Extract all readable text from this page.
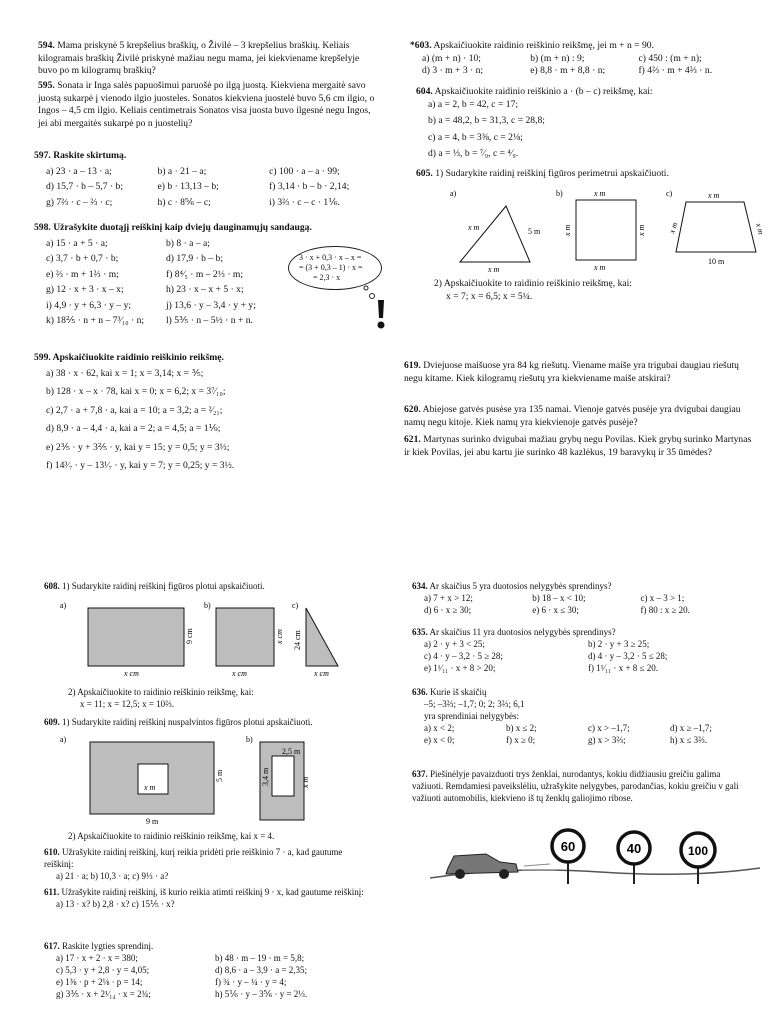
594. Mama priskynė 5 krepšelius braškių, o Živilė – 3 krepšelius braškių. Keliais kilogramais braškių Živilė priskynė mažiau negu mama, jei kiekviename krepšelyje buvo po m kilogramų braškių?
595. Sonata ir Inga salės papuošimui paruošė po ilgą juostą. Kiekviena mergaitė savo juostą sukarpė į vienodo ilgio juosteles. Sonatos kiekviena juostelė buvo 5,6 cm ilgio, o Ingos – 4,5 cm ilgio. Keliais centimetrais Sonatos visa juosta buvo ilgesnė negu Ingos, jei abi mergaitės sukarpė po n juostelių?
597. Raskite skirtumą.
a) 23 · a – 13 · a;	b) a · 21 – a;	c) 100 · a – a · 99;
d) 15,7 · b – 5,7 · b;	e) b · 13,13 – b;	f) 3,14 · b – b · 2,14;
g) 7⅔ · c – ⅔ · c;	h) c · 8⅚ – c;	i) 3⅔ · c – c · 1⅙.
598. Užrašykite duotąjį reiškinį kaip dviejų dauginamųjų sandaugą.
a) 15 · a + 5 · a;	b) 8 · a – a;
c) 3,7 · b + 0,7 · b;	d) 17,9 · b – b;
e) ⅔ · m + 1⅔ · m;	f) 8⁴⁄₅ · m – 2⅓ · m;
g) 12 · x + 3 · x – x;	h) 23 · x – x + 5 · x;
i) 4,9 · y + 6,3 · y – y;	j) 13,6 · y – 3,4 · y + y;
k) 18⅖ · n + n – 7³⁄₁₀ · n;	l) 5⅗ · n – 5½ · n + n.
3 · x + 0,3 · x – x =
= (3 + 0,3 – 1) · x =
= 2,3 · x
599. Apskaičiuokite raidinio reiškinio reikšmę.
a) 38 · x · 62, kai x = 1; x = 3,14; x = ⅗;
b) 128 · x – x · 78, kai x = 0; x = 6,2; x = 3⁷⁄₁₀;
c) 2,7 · a + 7,8 · a, kai a = 10; a = 3,2; a = ²⁄₂₁;
d) 8,9 · a – 4,4 · a, kai a = 2; a = 4,5; a = 1⅑;
e) 2⅗ · y + 3⅖ · y, kai y = 15; y = 0,5; y = 3⅓;
f) 14³⁄₇ · y – 13¹⁄₇ · y, kai y = 7; y = 0,25; y = 3½.
*603. Apskaičiuokite raidinio reiškinio reikšmę, jei m + n = 90.
a) (m + n) · 10;	b) (m + n) : 9;	c) 450 : (m + n);
d) 3 · m + 3 · n;	e) 8,8 · m + 8,8 · n;	f) 4⅔ · m + 4⅔ · n.
604. Apskaičiuokite raidinio reiškinio a · (b – c) reikšmę, kai:
a) a = 2, b = 42, c = 17;
b) a = 48,2, b = 31,3, c = 28,8;
c) a = 4, b = 3⅜, c = 2⅛;
d) a = ⅓, b = ⁷⁄₉, c = ⁴⁄₉.
605. 1) Sudarykite raidinį reiškinį figūros perimetrui apskaičiuoti.
a)
x m	5 m
x m
b)	x m
x m
x m	x m
c)	x m
x m	x m
10 m
2) Apskaičiuokite to raidinio reiškinio reikšmę, kai:
x = 7; x = 6,5; x = 5¼.
619. Dviejuose maišuose yra 84 kg riešutų. Viename maiše yra trigubai daugiau riešutų negu kitame. Kiek kilogramų riešutų yra kiekviename maiše atskirai?
620. Abiejose gatvės pusėse yra 135 namai. Vienoje gatvės pusėje yra dvigubai daugiau namų negu kitoje. Kiek namų yra kiekvienoje gatvės pusėje?
621. Martynas surinko dvigubai mažiau grybų negu Povilas. Kiek grybų surinko Martynas ir kiek Povilas, jei abu kartu jie surinko 48 kazlėkus, 19 baravykų ir 35 ūmėdes?
608. 1) Sudarykite raidinį reiškinį figūros plotui apskaičiuoti.
a)
x cm
9 cm
b)
x cm
x cm
c)
24 cm
x cm
2) Apskaičiuokite to raidinio reiškinio reikšmę, kai:
x = 11; x = 12,5; x = 10⅔.
609. 1) Sudarykite raidinį reiškinį nuspalvintos figūros plotui apskaičiuoti.
a)
x m
5 m
9 m
b)
2,5 m
3,4 m	x m
2) Apskaičiuokite to raidinio reiškinio reikšmę, kai x = 4.
610. Užrašykite raidinį reiškinį, kurį reikia pridėti prie reiškinio 7 · a, kad gautume reiškinį:
a) 21 · a; b) 10,3 · a; c) 9⅓ · a?
611. Užrašykite raidinį reiškinį, iš kurio reikia atimti reiškinį 9 · x, kad gautume reiškinį:
a) 13 · x? b) 2,8 · x? c) 15⅕ · x?
617. Raskite lygties sprendinį.
a) 17 · x + 2 · x = 380;	b) 48 · m – 19 · m = 5,8;
c) 5,3 · y + 2,8 · y = 4,05;	d) 8,6 · a – 3,9 · a = 2,35;
e) 1⅜ · p + 2⅛ · p = 14;	f) ¾ · y – ¼ · y = 4;
g) 3⅗ · x + 2¹⁄₁₄ · x = 2¾;	h) 5⅙ · y – 3⅚ · y = 2⅓.
634. Ar skaičius 5 yra duotosios nelygybės sprendinys?
a) 7 + x > 12;	b) 18 – x < 10;	c) x – 3 > 1;
d) 6 · x ≥ 30;	e) 6 · x ≤ 30;	f) 80 : x ≥ 20.
635. Ar skaičius 11 yra duotosios nelygybės sprendinys?
a) 2 · y + 3 < 25;	b) 2 · y + 3 ≥ 25;
c) 4 · y – 3,2 · 5 ≥ 28;	d) 4 · y – 3,2 · 5 ≤ 28;
e) 1¹⁄₁₁ · x + 8 > 20;	f) 1¹⁄₁₁ · x + 8 ≤ 20.
636. Kurie iš skaičių
–5; –3⅔; –1,7; 0; 2; 3⅔; 6,1
yra sprendiniai nelygybės:
a) x < 2;	b) x ≤ 2;	c) x > –1,7;	d) x ≥ –1,7;
e) x < 0;	f) x ≥ 0;	g) x > 3⅔;	h) x ≤ 3⅔.
637. Piešinėlyje pavaizduoti trys ženklai, nurodantys, kokiu didžiausiu greičiu galima važiuoti. Remdamiesi paveikslėliu, užrašykite nelygybes, parodančias, kokiu greičiu v gali važiuoti automobilis, kiekvieno iš tų ženklų galiojimo ribose.
60	40	100
